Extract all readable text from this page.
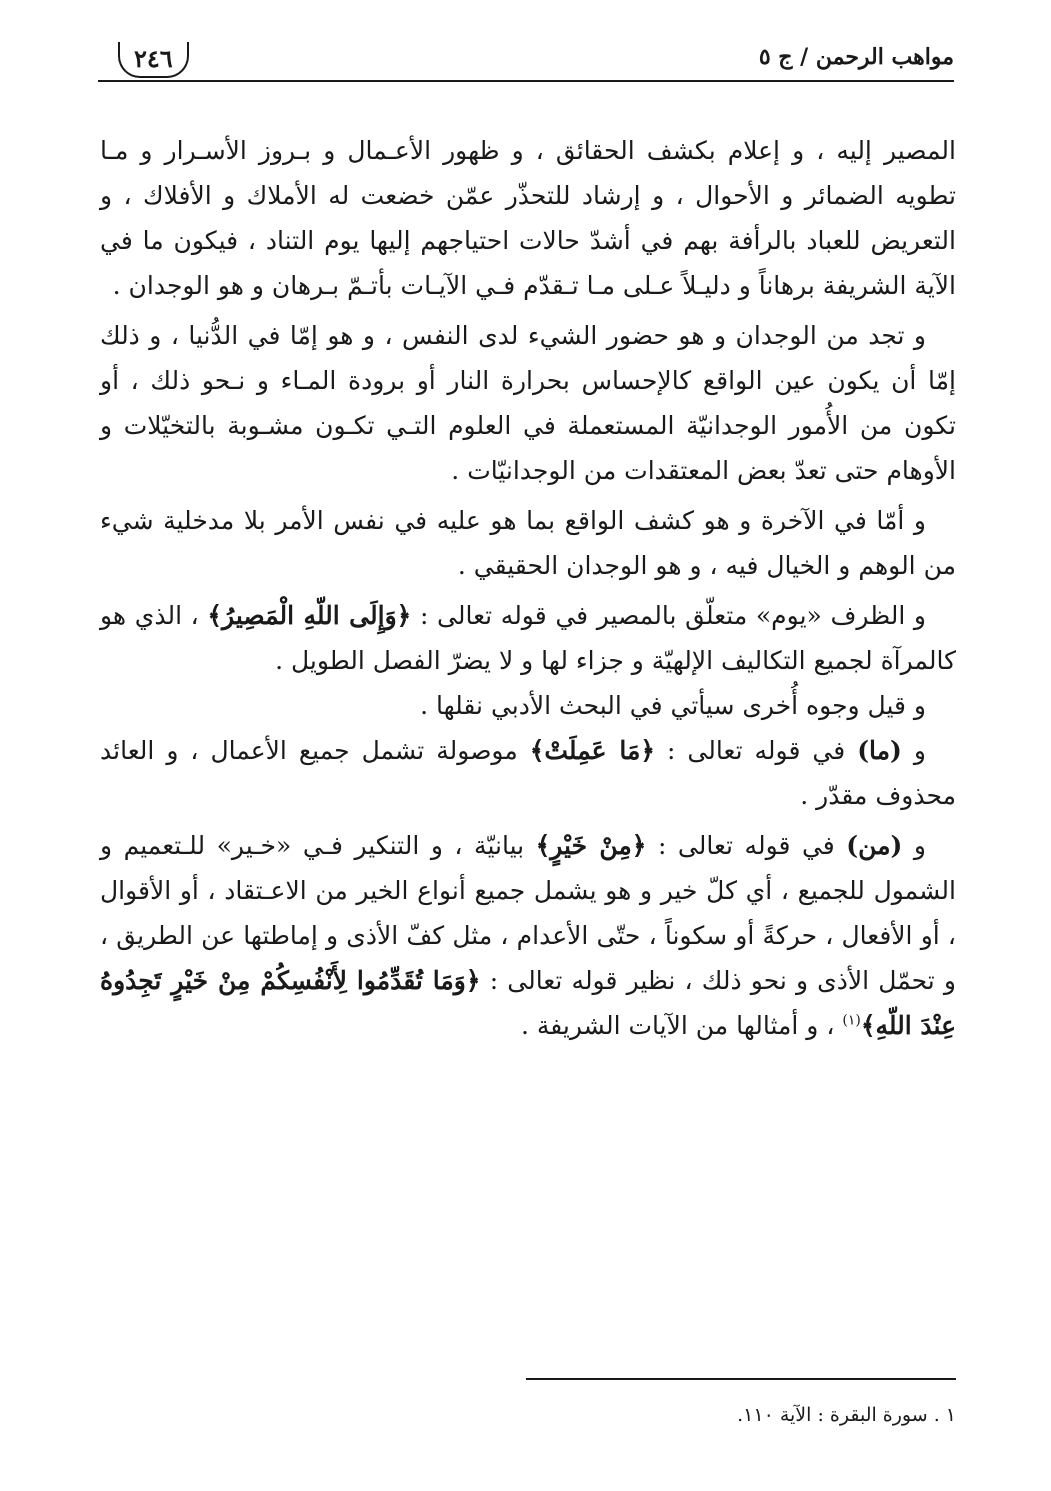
مواهب الرحمن / ج ٥
٢٤٦

المصير إليه ، و إعلام بكشف الحقائق ، و ظهور الأعـمال و بـروز الأسـرار و مـا تطويه الضمائر و الأحوال ، و إرشاد للتحذّر عمّن خضعت له الأملاك و الأفلاك ، و التعريض للعباد بالرأفة بهم في أشدّ حالات احتياجهم إليها يوم التناد ، فيكون ما في الآية الشريفة برهاناً و دليـلاً عـلى مـا تـقدّم فـي الآيـات بأتـمّ بـرهان و هو الوجدان .

و تجد من الوجدان و هو حضور الشيء لدى النفس ، و هو إمّا في الدُّنيا ، و ذلك إمّا أن يكون عين الواقع كالإحساس بحرارة النار أو برودة المـاء و نـحو ذلك ، أو تكون من الأُمور الوجدانيّة المستعملة في العلوم التـي تكـون مشـوبة بالتخيّلات و الأوهام حتى تعدّ بعض المعتقدات من الوجدانيّات .

و أمّا في الآخرة و هو كشف الواقع بما هو عليه في نفس الأمر بلا مدخلية شيء من الوهم و الخيال فيه ، و هو الوجدان الحقيقي .

و الظرف «يوم» متعلّق بالمصير في قوله تعالى : ﴿وَإِلَى اللّهِ الْمَصِيرُ﴾ ، الذي هو كالمرآة لجميع التكاليف الإلهيّة و جزاء لها و لا يضرّ الفصل الطويل .

و قيل وجوه أُخرى سيأتي في البحث الأدبي نقلها .

و (ما) في قوله تعالى : ﴿مَا عَمِلَتْ﴾ موصولة تشمل جميع الأعمال ، و العائد محذوف مقدّر .

و (من) في قوله تعالى : ﴿مِنْ خَيْرٍ﴾ بيانيّة ، و التنكير فـي «خـير» للـتعميم و الشمول للجميع ، أي كلّ خير و هو يشمل جميع أنواع الخير من الاعـتقاد ، أو الأقوال ، أو الأفعال ، حركةً أو سكوناً ، حتّى الأعدام ، مثل كفّ الأذى و إماطتها عن الطريق ، و تحمّل الأذى و نحو ذلك ، نظير قوله تعالى : ﴿وَمَا تُقَدِّمُوا لِأَنْفُسِكُمْ مِنْ خَيْرٍ تَجِدُوهُ عِنْدَ اللّهِ﴾$^{(١)}$ ، و أمثالها من الآيات الشريفة .

١ . سورة البقرة : الآية ١١٠.
